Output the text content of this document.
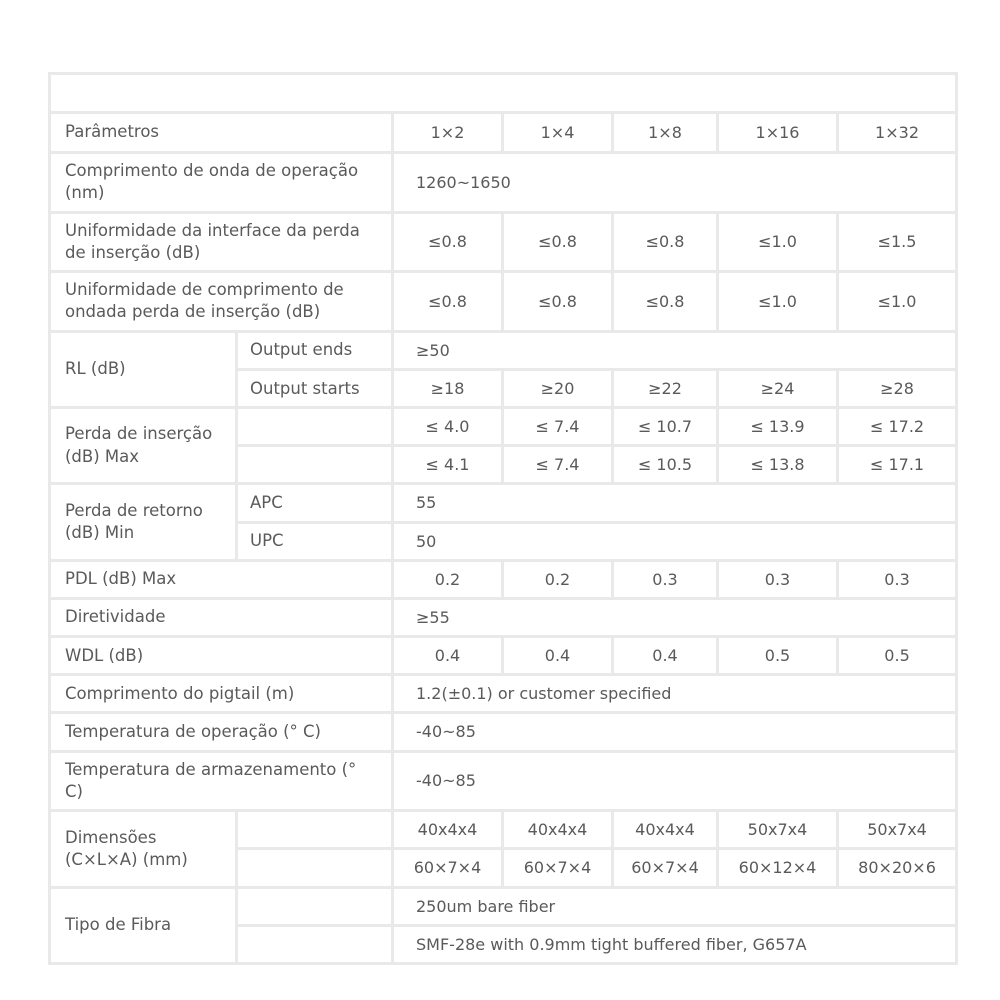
1 × N (N> 2) PLCS Parâmetros Ópticos						
Parâmetros		1×2	1×4	1×8	1×16	1×32
Comprimento de onda de operação (nm)		1260~1650				
Uniformidade da interface da perda de inserção (dB)		≤0.8	≤0.8	≤0.8	≤1.0	≤1.5
Uniformidade de comprimento de ondada perda de inserção (dB)		≤0.8	≤0.8	≤0.8	≤1.0	≤1.0
RL (dB)	Output ends	≥50				
	Output starts	≥18	≥20	≥22	≥24	≥28
Perda de inserção (dB) Max	Sem conector	≤ 4.0	≤ 7.4	≤ 10.7	≤ 13.9	≤ 17.2
	Com conector	≤ 4.1	≤ 7.4	≤ 10.5	≤ 13.8	≤ 17.1
Perda de retorno (dB) Min	APC	55				
	UPC	50				
PDL (dB) Max		0.2	0.2	0.3	0.3	0.3
Diretividade		≥55				
WDL (dB)		0.4	0.4	0.4	0.5	0.5
Comprimento do pigtail (m)		1.2(±0.1) or customer specified				
Temperatura de operação (° C)		-40~85				
Temperatura de armazenamento (° C)		-40~85				
Dimensões (C×L×A) (mm)	Sem conector	40x4x4	40x4x4	40x4x4	50x7x4	50x7x4
	Com conector	60×7×4	60×7×4	60×7×4	60×12×4	80×20×6
Tipo de Fibra	Sem conector	250um bare fiber				
	Com conector	SMF-28e with 0.9mm tight buffered fiber, G657A				
